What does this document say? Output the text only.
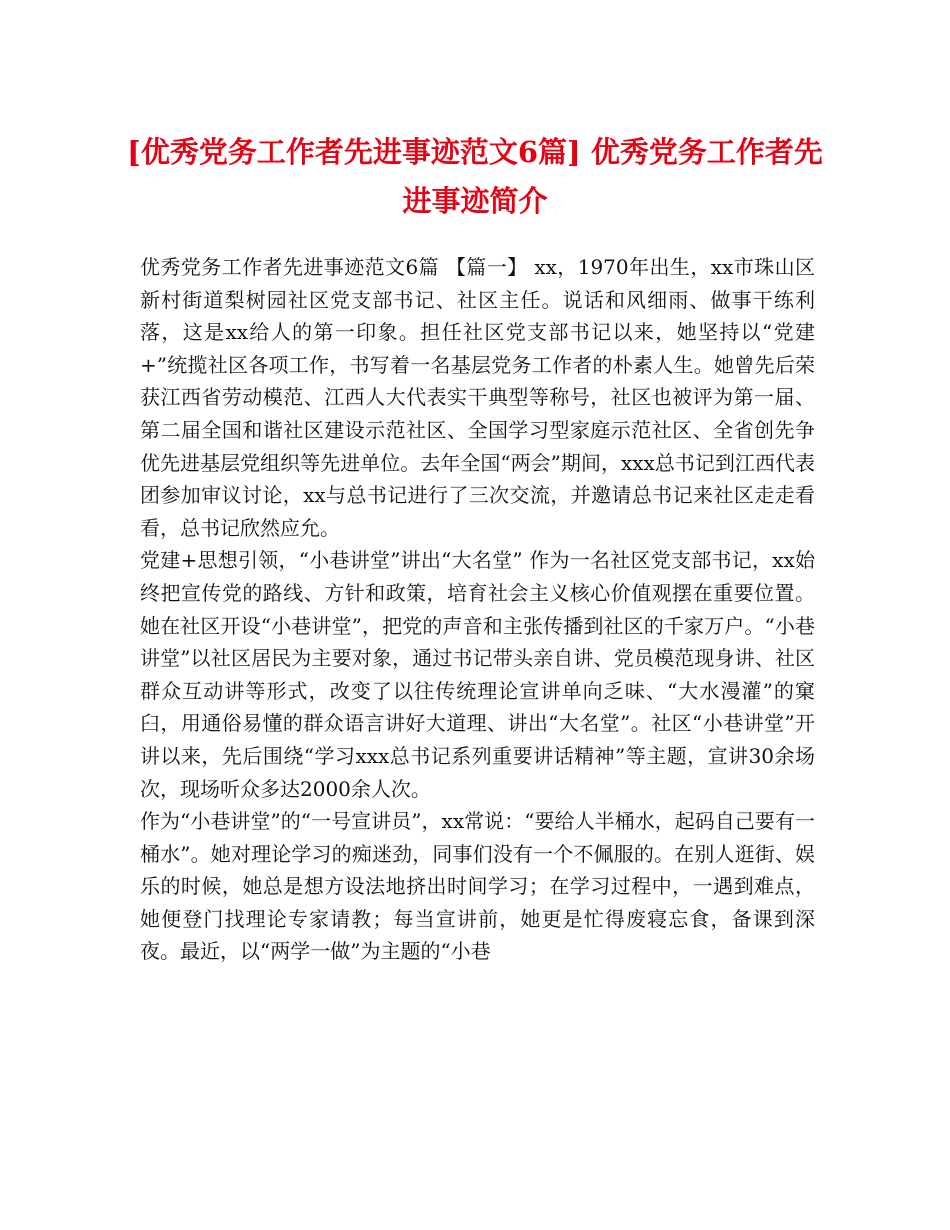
[优秀党务工作者先进事迹范文6篇] 优秀党务工作者先进事迹简介

优秀党务工作者先进事迹范文6篇 【篇一】 xx，1970年出生，xx市珠山区新村街道梨树园社区党支部书记、社区主任。说话和风细雨、做事干练利落，这是xx给人的第一印象。担任社区党支部书记以来，她坚持以“党建+”统揽社区各项工作，书写着一名基层党务工作者的朴素人生。她曾先后荣获江西省劳动模范、江西人大代表实干典型等称号，社区也被评为第一届、第二届全国和谐社区建设示范社区、全国学习型家庭示范社区、全省创先争优先进基层党组织等先进单位。去年全国“两会”期间，xxx总书记到江西代表团参加审议讨论，xx与总书记进行了三次交流，并邀请总书记来社区走走看看，总书记欣然应允。

党建+思想引领，“小巷讲堂”讲出“大名堂” 作为一名社区党支部书记，xx始终把宣传党的路线、方针和政策，培育社会主义核心价值观摆在重要位置。她在社区开设“小巷讲堂”，把党的声音和主张传播到社区的千家万户。“小巷讲堂”以社区居民为主要对象，通过书记带头亲自讲、党员模范现身讲、社区群众互动讲等形式，改变了以往传统理论宣讲单向乏味、“大水漫灌”的窠臼，用通俗易懂的群众语言讲好大道理、讲出“大名堂”。社区“小巷讲堂”开讲以来，先后围绕“学习xxx总书记系列重要讲话精神”等主题，宣讲30余场次，现场听众多达2000余人次。

作为“小巷讲堂”的“一号宣讲员”，xx常说：“要给人半桶水，起码自己要有一桶水”。她对理论学习的痴迷劲，同事们没有一个不佩服的。在别人逛街、娱乐的时候，她总是想方设法地挤出时间学习；在学习过程中，一遇到难点，她便登门找理论专家请教；每当宣讲前，她更是忙得废寝忘食，备课到深夜。最近，以“两学一做”为主题的“小巷
